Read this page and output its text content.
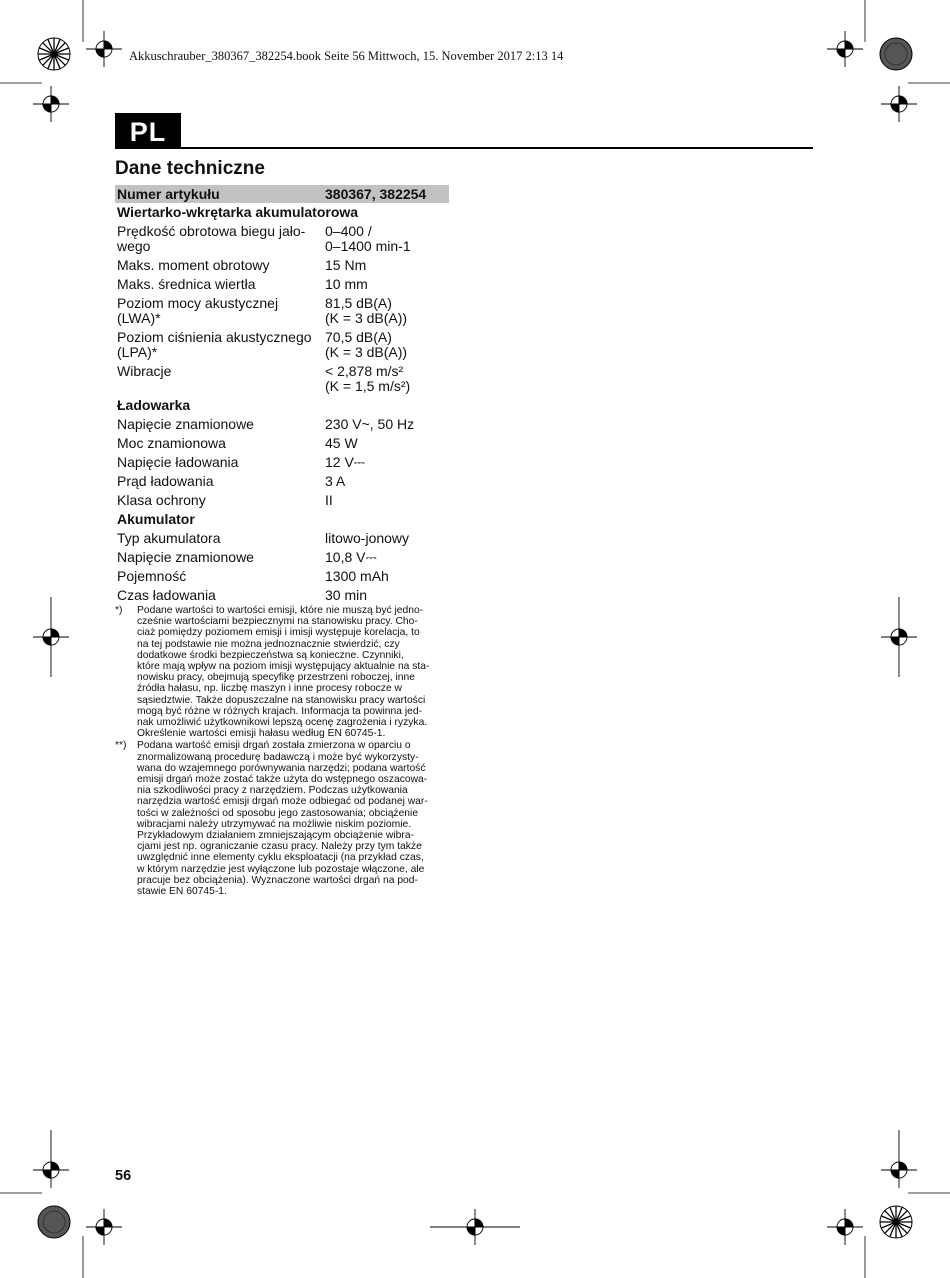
Akkuschrauber_380367_382254.book Seite 56 Mittwoch, 15. November 2017 2:13 14
PL
Dane techniczne
Numer artykułu	380367, 382254
Wiertarko-wkrętarka akumulatorowa	
Prędkość obrotowa biegu jało-
wego	0–400 /
0–1400 min-1
Maks. moment obrotowy	15 Nm
Maks. średnica wiertła	10 mm
Poziom mocy akustycznej
(LWA)*	81,5 dB(A)
(K = 3 dB(A))
Poziom ciśnienia akustycznego
(LPA)*	70,5 dB(A)
(K = 3 dB(A))
Wibracje	< 2,878 m/s²
(K = 1,5 m/s²)
Ładowarka	
Napięcie znamionowe	230 V~, 50 Hz
Moc znamionowa	45 W
Napięcie ładowania	12 V⎓
Prąd ładowania	3 A
Klasa ochrony	II
Akumulator	
Typ akumulatora	litowo-jonowy
Napięcie znamionowe	10,8 V⎓
Pojemność	1300 mAh
Czas ładowania	30 min
*)	Podane wartości to wartości emisji, które nie muszą być jedno-
cześnie wartościami bezpiecznymi na stanowisku pracy. Cho-
ciaż pomiędzy poziomem emisji i imisji występuje korelacja, to
na tej podstawie nie można jednoznacznie stwierdzić, czy
dodatkowe środki bezpieczeństwa są konieczne. Czynniki,
które mają wpływ na poziom imisji występujący aktualnie na sta-
nowisku pracy, obejmują specyfikę przestrzeni roboczej, inne
źródła hałasu, np. liczbę maszyn i inne procesy robocze w
sąsiedztwie. Także dopuszczalne na stanowisku pracy wartości
mogą być różne w różnych krajach. Informacja ta powinna jed-
nak umożliwić użytkownikowi lepszą ocenę zagrożenia i ryzyka.
Określenie wartości emisji hałasu według EN 60745-1.
**)	Podana wartość emisji drgań została zmierzona w oparciu o
znormalizowaną procedurę badawczą i może być wykorzysty-
wana do wzajemnego porównywania narzędzi; podana wartość
emisji drgań może zostać także użyta do wstępnego oszacowa-
nia szkodliwości pracy z narzędziem. Podczas użytkowania
narzędzia wartość emisji drgań może odbiegać od podanej war-
tości w zależności od sposobu jego zastosowania; obciążenie
wibracjami należy utrzymywać na możliwie niskim poziomie.
Przykładowym działaniem zmniejszającym obciążenie wibra-
cjami jest np. ograniczanie czasu pracy. Należy przy tym także
uwzględnić inne elementy cyklu eksploatacji (na przykład czas,
w którym narzędzie jest wyłączone lub pozostaje włączone, ale
pracuje bez obciążenia). Wyznaczone wartości drgań na pod-
stawie EN 60745-1.
56
